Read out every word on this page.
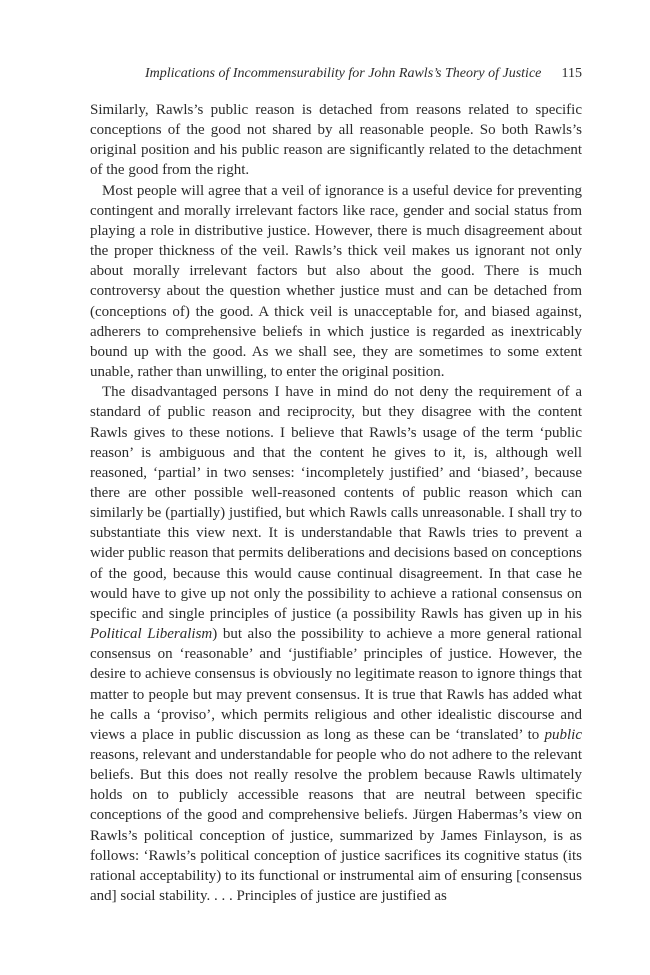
Implications of Incommensurability for John Rawls’s Theory of Justice 115

Similarly, Rawls’s public reason is detached from reasons related to specific conceptions of the good not shared by all reasonable people. So both Rawls’s original position and his public reason are significantly related to the detachment of the good from the right.

Most people will agree that a veil of ignorance is a useful device for preventing contingent and morally irrelevant factors like race, gender and social status from playing a role in distributive justice. However, there is much disagreement about the proper thickness of the veil. Rawls’s thick veil makes us ignorant not only about morally irrelevant factors but also about the good. There is much controversy about the question whether justice must and can be detached from (conceptions of) the good. A thick veil is unacceptable for, and biased against, adherers to comprehensive beliefs in which justice is regarded as inextricably bound up with the good. As we shall see, they are sometimes to some extent unable, rather than unwilling, to enter the original position.

The disadvantaged persons I have in mind do not deny the requirement of a standard of public reason and reciprocity, but they disagree with the content Rawls gives to these notions. I believe that Rawls’s usage of the term ‘public reason’ is ambiguous and that the content he gives to it, is, although well reasoned, ‘partial’ in two senses: ‘incompletely justified’ and ‘biased’, because there are other possible well-reasoned contents of public reason which can similarly be (partially) justified, but which Rawls calls unreasonable. I shall try to substantiate this view next. It is understandable that Rawls tries to prevent a wider public reason that permits deliberations and decisions based on conceptions of the good, because this would cause continual disagreement. In that case he would have to give up not only the possibility to achieve a rational consensus on specific and single principles of justice (a possibility Rawls has given up in his Political Liberalism) but also the possibility to achieve a more general rational consensus on ‘reasonable’ and ‘justifiable’ principles of justice. However, the desire to achieve consensus is obviously no legitimate reason to ignore things that matter to people but may prevent consensus. It is true that Rawls has added what he calls a ‘proviso’, which permits religious and other idealistic discourse and views a place in public discussion as long as these can be ‘translated’ to public reasons, relevant and understandable for people who do not adhere to the relevant beliefs. But this does not really resolve the problem because Rawls ultimately holds on to publicly accessible reasons that are neutral between specific conceptions of the good and comprehensive beliefs. Jürgen Habermas’s view on Rawls’s political conception of justice, summarized by James Finlayson, is as follows: ‘Rawls’s political conception of justice sacrifices its cognitive status (its rational acceptability) to its functional or instrumental aim of ensuring [consensus and] social stability. . . . Principles of justice are justified as
